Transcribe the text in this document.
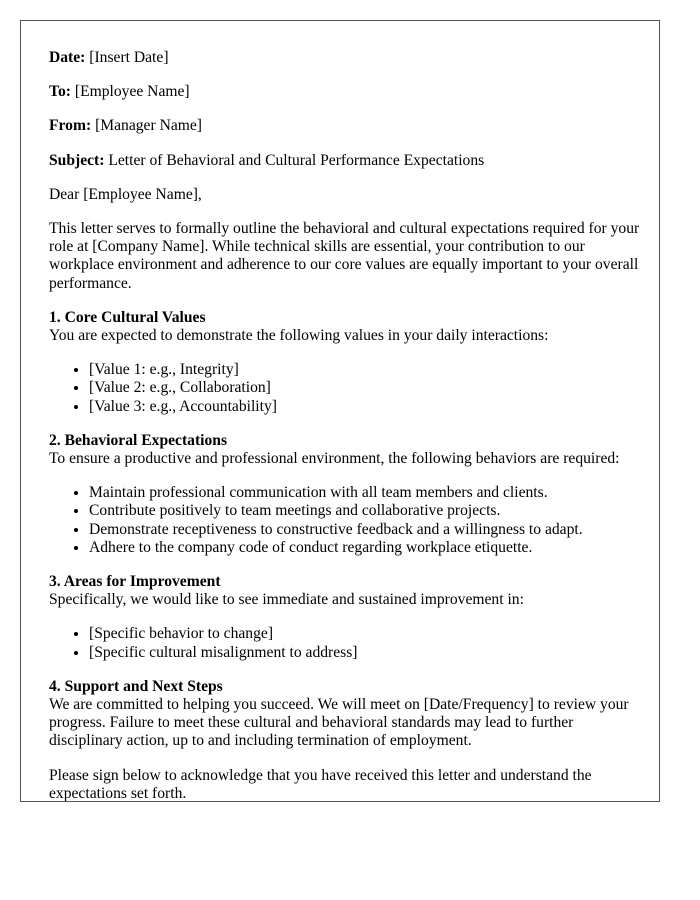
Date: [Insert Date]
To: [Employee Name]
From: [Manager Name]
Subject: Letter of Behavioral and Cultural Performance Expectations

Dear [Employee Name],

This letter serves to formally outline the behavioral and cultural expectations required for your role at [Company Name]. While technical skills are essential, your contribution to our workplace environment and adherence to our core values are equally important to your overall performance.

1. Core Cultural Values
You are expected to demonstrate the following values in your daily interactions:
• [Value 1: e.g., Integrity]
• [Value 2: e.g., Collaboration]
• [Value 3: e.g., Accountability]
2. Behavioral Expectations
To ensure a productive and professional environment, the following behaviors are required:
• Maintain professional communication with all team members and clients.
• Contribute positively to team meetings and collaborative projects.
• Demonstrate receptiveness to constructive feedback and a willingness to adapt.
• Adhere to the company code of conduct regarding workplace etiquette.
3. Areas for Improvement
Specifically, we would like to see immediate and sustained improvement in:
• [Specific behavior to change]
• [Specific cultural misalignment to address]
4. Support and Next Steps

We are committed to helping you succeed. We will meet on [Date/Frequency] to review your progress. Failure to meet these cultural and behavioral standards may lead to further disciplinary action, up to and including termination of employment.

Please sign below to acknowledge that you have received this letter and understand the expectations set forth.
